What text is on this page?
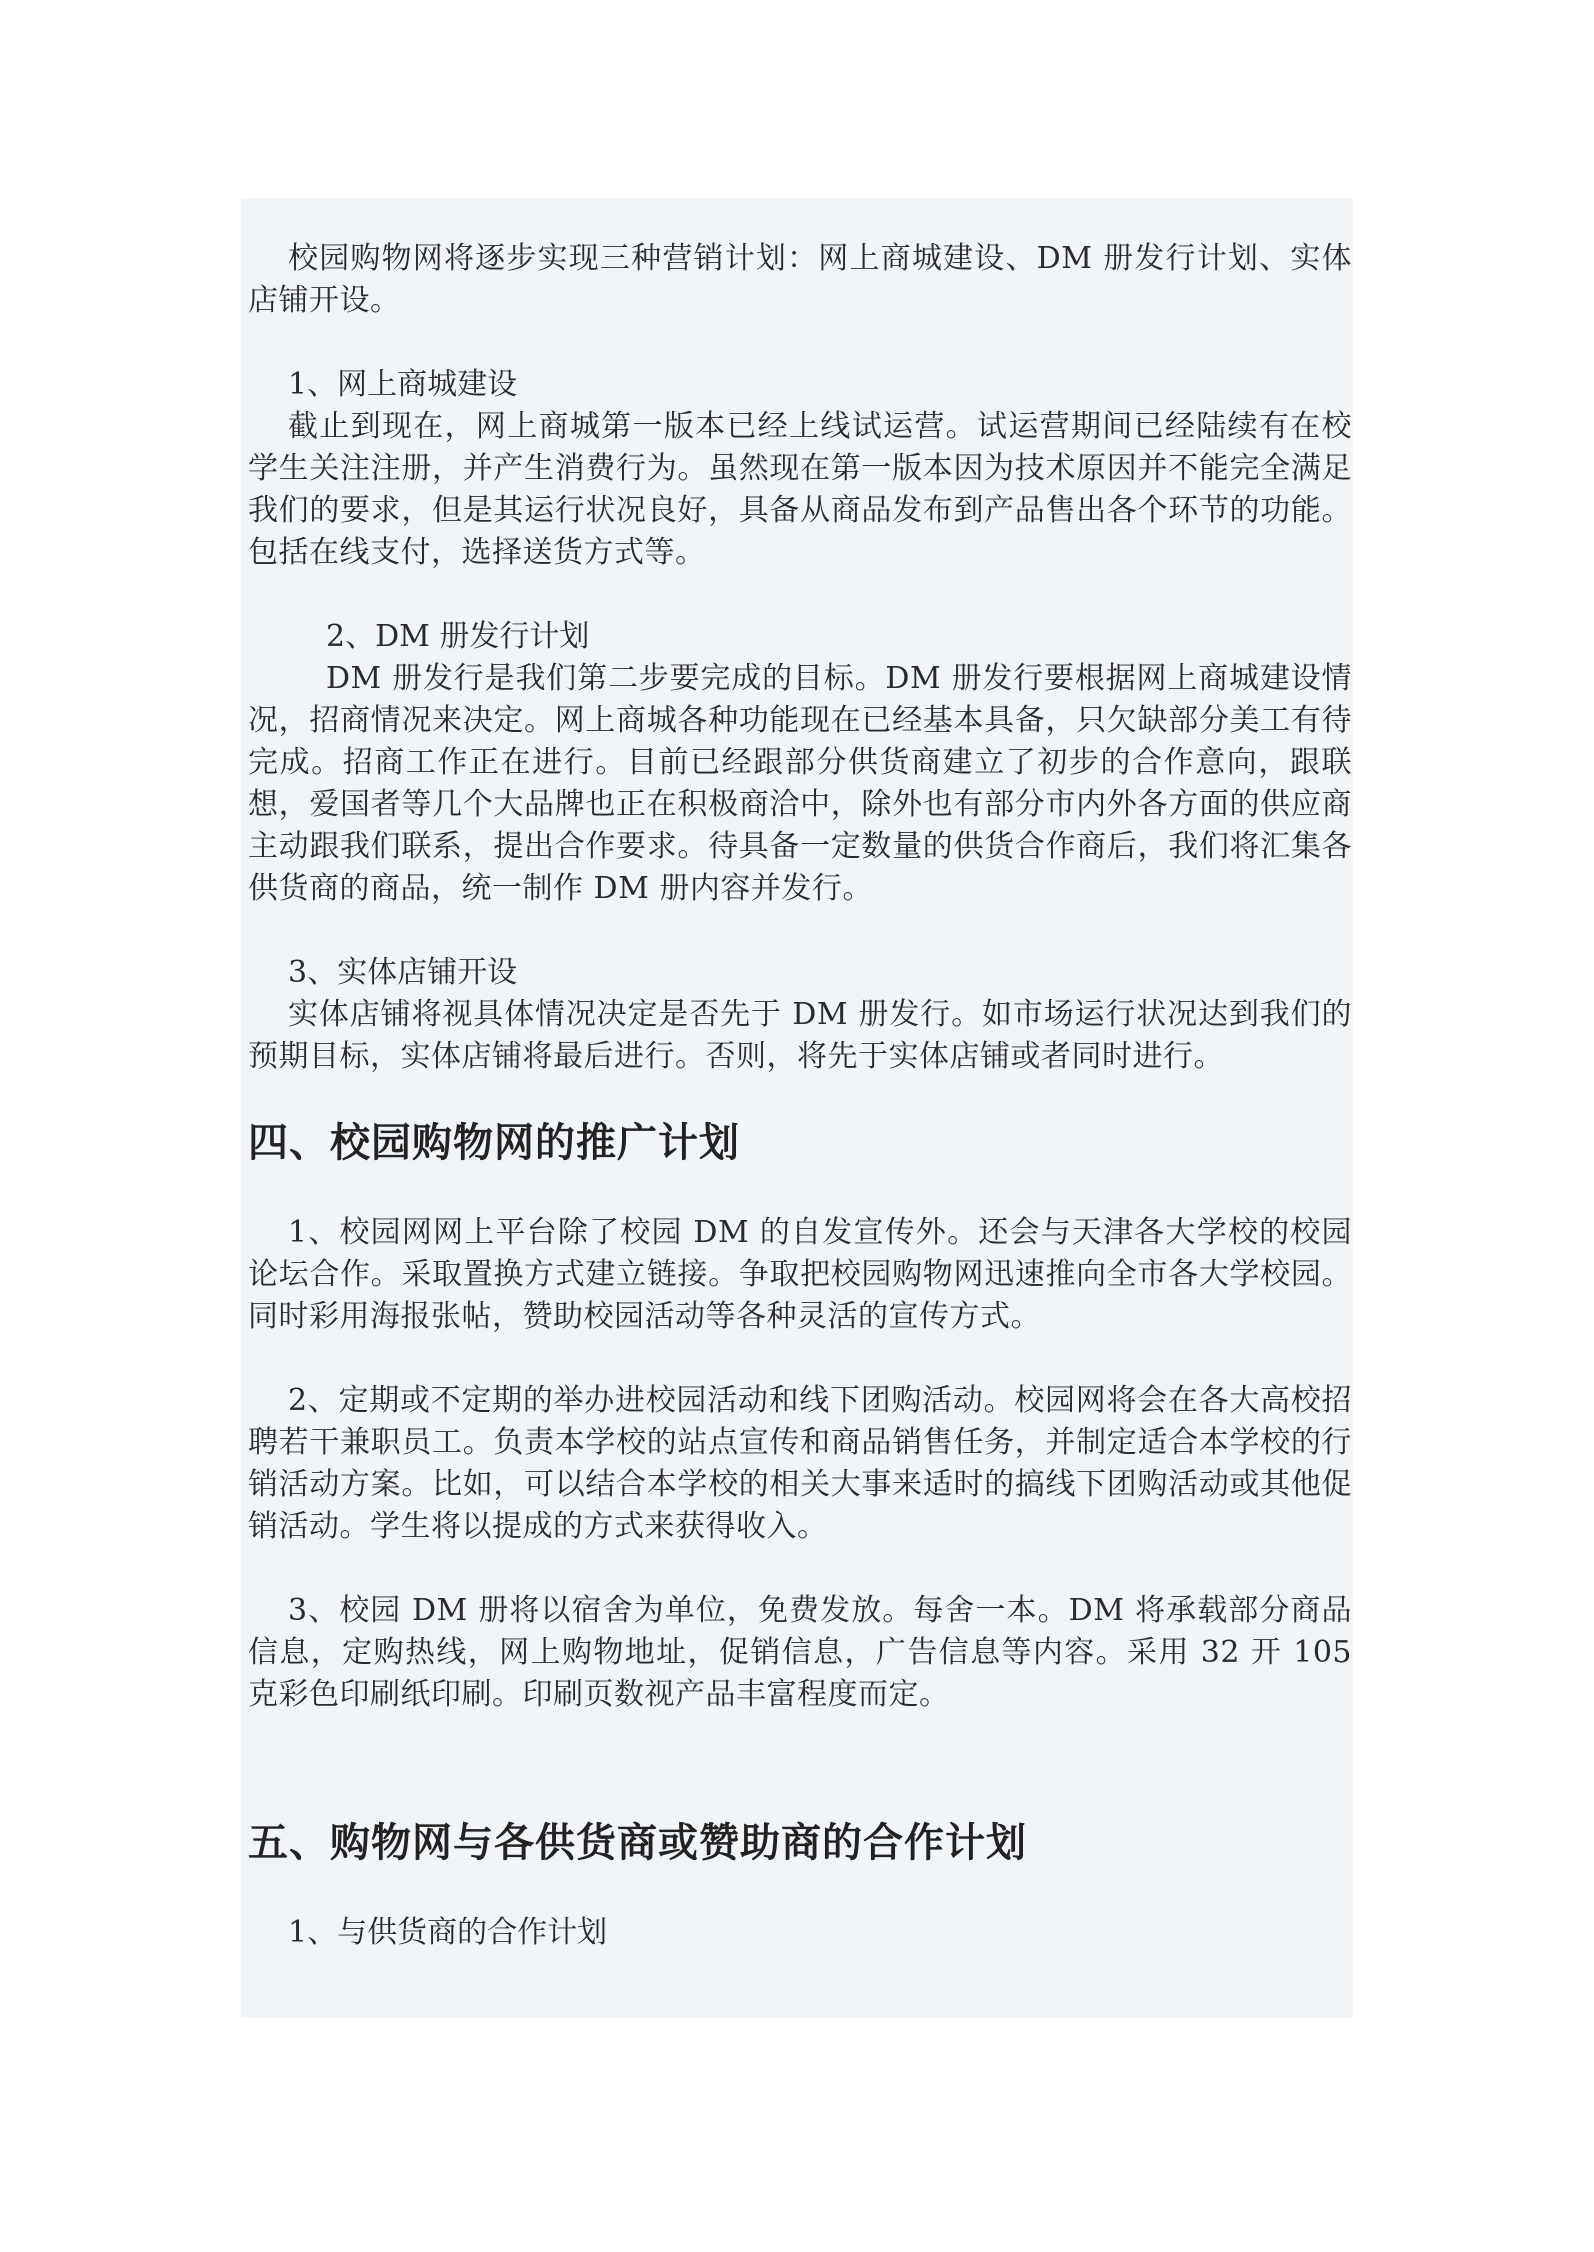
校园购物网将逐步实现三种营销计划：网上商城建设、DM 册发行计划、实体店铺开设。

1、网上商城建设

截止到现在，网上商城第一版本已经上线试运营。试运营期间已经陆续有在校学生关注注册，并产生消费行为。虽然现在第一版本因为技术原因并不能完全满足我们的要求，但是其运行状况良好，具备从商品发布到产品售出各个环节的功能。包括在线支付，选择送货方式等。

2、DM 册发行计划

DM 册发行是我们第二步要完成的目标。DM 册发行要根据网上商城建设情况，招商情况来决定。网上商城各种功能现在已经基本具备，只欠缺部分美工有待完成。招商工作正在进行。目前已经跟部分供货商建立了初步的合作意向，跟联想，爱国者等几个大品牌也正在积极商洽中，除外也有部分市内外各方面的供应商主动跟我们联系，提出合作要求。待具备一定数量的供货合作商后，我们将汇集各供货商的商品，统一制作 DM 册内容并发行。

3、实体店铺开设

实体店铺将视具体情况决定是否先于 DM 册发行。如市场运行状况达到我们的预期目标，实体店铺将最后进行。否则，将先于实体店铺或者同时进行。

四、校园购物网的推广计划

1、校园网网上平台除了校园 DM 的自发宣传外。还会与天津各大学校的校园论坛合作。采取置换方式建立链接。争取把校园购物网迅速推向全市各大学校园。同时彩用海报张帖，赞助校园活动等各种灵活的宣传方式。

2、定期或不定期的举办进校园活动和线下团购活动。校园网将会在各大高校招聘若干兼职员工。负责本学校的站点宣传和商品销售任务，并制定适合本学校的行销活动方案。比如，可以结合本学校的相关大事来适时的搞线下团购活动或其他促销活动。学生将以提成的方式来获得收入。

3、校园 DM 册将以宿舍为单位，免费发放。每舍一本。DM 将承载部分商品信息，定购热线，网上购物地址，促销信息，广告信息等内容。采用 32 开 105 克彩色印刷纸印刷。印刷页数视产品丰富程度而定。

五、购物网与各供货商或赞助商的合作计划

1、与供货商的合作计划
